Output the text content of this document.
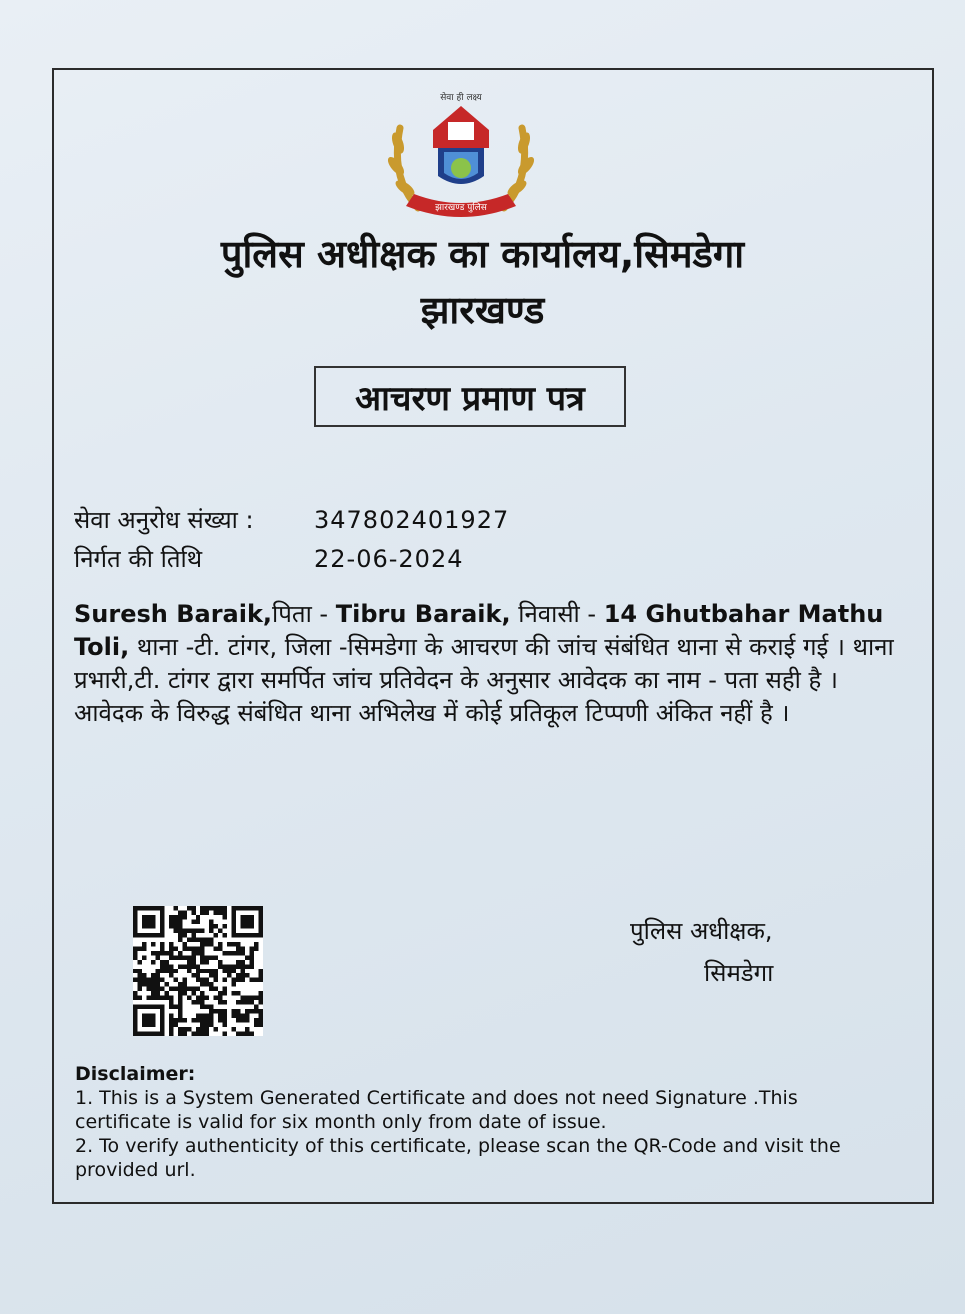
सेवा ही लक्ष्य
झारखण्ड पुलिस
पुलिस अधीक्षक का कार्यालय,सिमडेगा
झारखण्ड
आचरण प्रमाण पत्र
सेवा अनुरोध संख्या :	347802401927
निर्गत की तिथि	22-06-2024
Suresh Baraik,पिता - Tibru Baraik, निवासी - 14 Ghutbahar Mathu Toli, थाना -टी. टांगर, जिला -सिमडेगा के आचरण की जांच संबंधित थाना से कराई गई । थाना प्रभारी,टी. टांगर द्वारा समर्पित जांच प्रतिवेदन के अनुसार आवेदक का नाम - पता सही है । आवेदक के विरुद्ध संबंधित थाना अभिलेख में कोई प्रतिकूल टिप्पणी अंकित नहीं है ।
पुलिस अधीक्षक,
सिमडेगा
Disclaimer:
1. This is a System Generated Certificate and does not need Signature .This certificate is valid for six month only from date of issue.
2. To verify authenticity of this certificate, please scan the QR-Code and visit the provided url.
